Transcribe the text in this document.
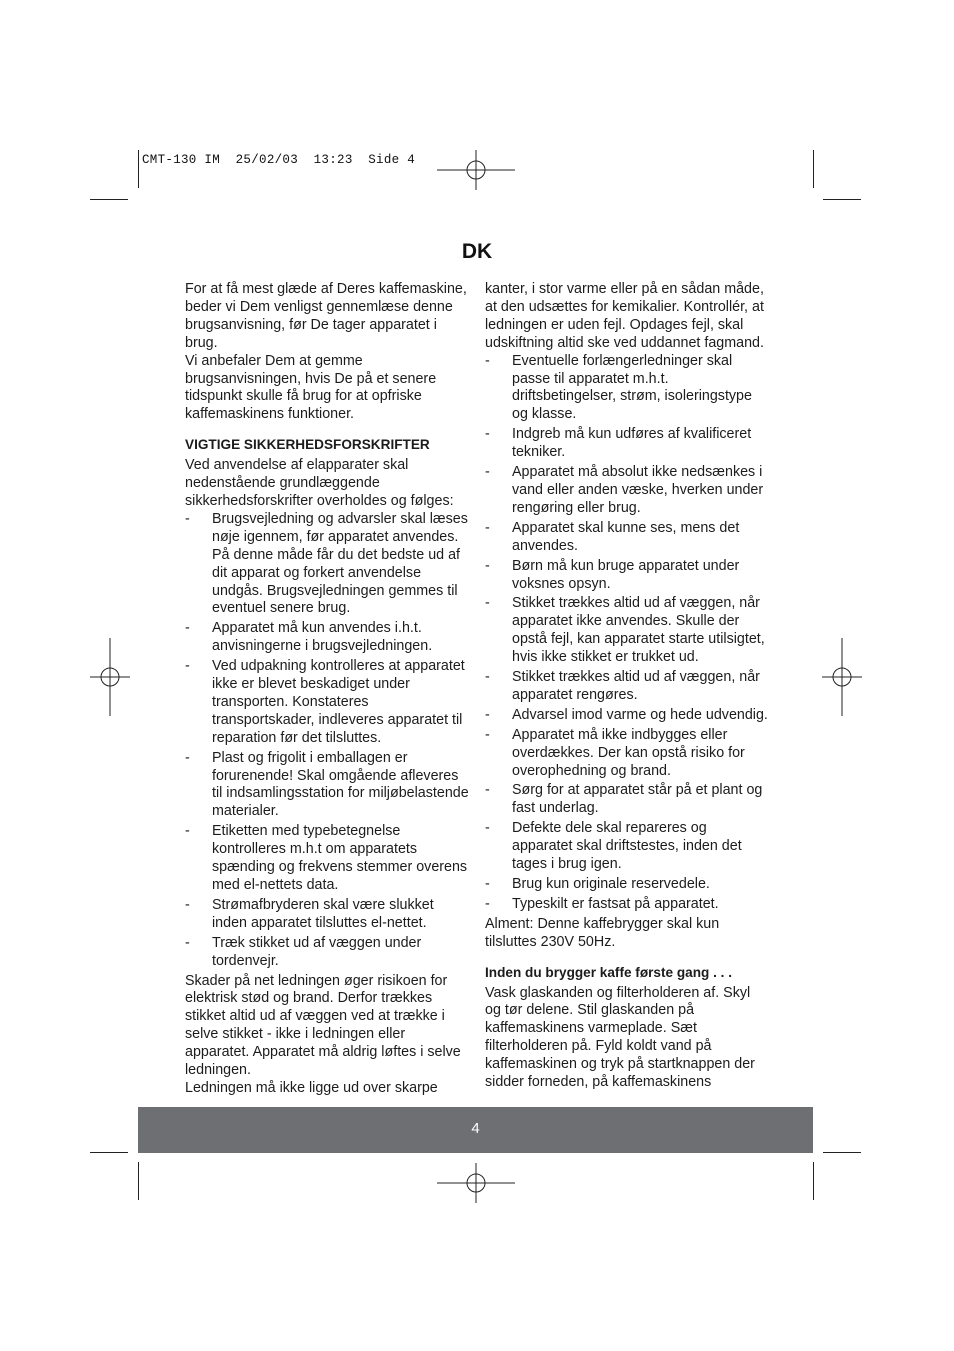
CMT-130 IM  25/02/03  13:23  Side 4
DK

For at få mest glæde af Deres kaffemaskine, beder vi Dem venligst gennemlæse denne brugsanvisning, før De tager apparatet i brug.

Vi anbefaler Dem at gemme brugsanvisningen, hvis De på et senere tidspunkt skulle få brug for at opfriske kaffemaskinens funktioner.

VIGTIGE SIKKERHEDSFORSKRIFTER

Ved anvendelse af elapparater skal nedenstående grundlæggende sikkerhedsforskrifter overholdes og følges:

- Brugsvejledning og advarsler skal læses nøje igennem, før apparatet anvendes. På denne måde får du det bedste ud af dit apparat og forkert anvendelse undgås. Brugsvejledningen gemmes til eventuel senere brug.
- Apparatet må kun anvendes i.h.t. anvisningerne i brugsvejledningen.
- Ved udpakning kontrolleres at apparatet ikke er blevet beskadiget under transporten. Konstateres transportskader, indleveres apparatet til reparation før det tilsluttes.
- Plast og frigolit i emballagen er forurenende! Skal omgående afleveres til indsamlingsstation for miljøbelastende materialer.
- Etiketten med typebetegnelse kontrolleres m.h.t om apparatets spænding og frekvens stemmer overens med el-nettets data.
- Strømafbryderen skal være slukket inden apparatet tilsluttes el-nettet.
- Træk stikket ud af væggen under tordenvejr.

Skader på net ledningen øger risikoen for elektrisk stød og brand. Derfor trækkes stikket altid ud af væggen ved at trække i selve stikket - ikke i ledningen eller apparatet. Apparatet må aldrig løftes i selve ledningen.

Ledningen må ikke ligge ud over skarpe

kanter, i stor varme eller på en sådan måde, at den udsættes for kemikalier. Kontrollér, at ledningen er uden fejl. Opdages fejl, skal udskiftning altid ske ved uddannet fagmand.

- Eventuelle forlængerledninger skal passe til apparatet m.h.t. driftsbetingelser, strøm, isoleringstype og klasse.
- Indgreb må kun udføres af kvalificeret tekniker.
- Apparatet må absolut ikke nedsænkes i vand eller anden væske, hverken under rengøring eller brug.
- Apparatet skal kunne ses, mens det anvendes.
- Børn må kun bruge apparatet under voksnes opsyn.
- Stikket trækkes altid ud af væggen, når apparatet ikke anvendes. Skulle der opstå fejl, kan apparatet starte utilsigtet, hvis ikke stikket er trukket ud.
- Stikket trækkes altid ud af væggen, når apparatet rengøres.
- Advarsel imod varme og hede udvendig.
- Apparatet må ikke indbygges eller overdækkes. Der kan opstå risiko for overophedning og brand.
- Sørg for at apparatet står på et plant og fast underlag.
- Defekte dele skal repareres og apparatet skal driftstestes, inden det tages i brug igen.
- Brug kun originale reservedele.
- Typeskilt er fastsat på apparatet.

Alment: Denne kaffebrygger skal kun tilsluttes 230V 50Hz.

Inden du brygger kaffe første gang . . .

Vask glaskanden og filterholderen af. Skyl og tør delene. Stil glaskanden på kaffemaskinens varmeplade. Sæt filterholderen på. Fyld koldt vand på kaffemaskinen og tryk på startknappen der sidder forneden, på kaffemaskinens

4
